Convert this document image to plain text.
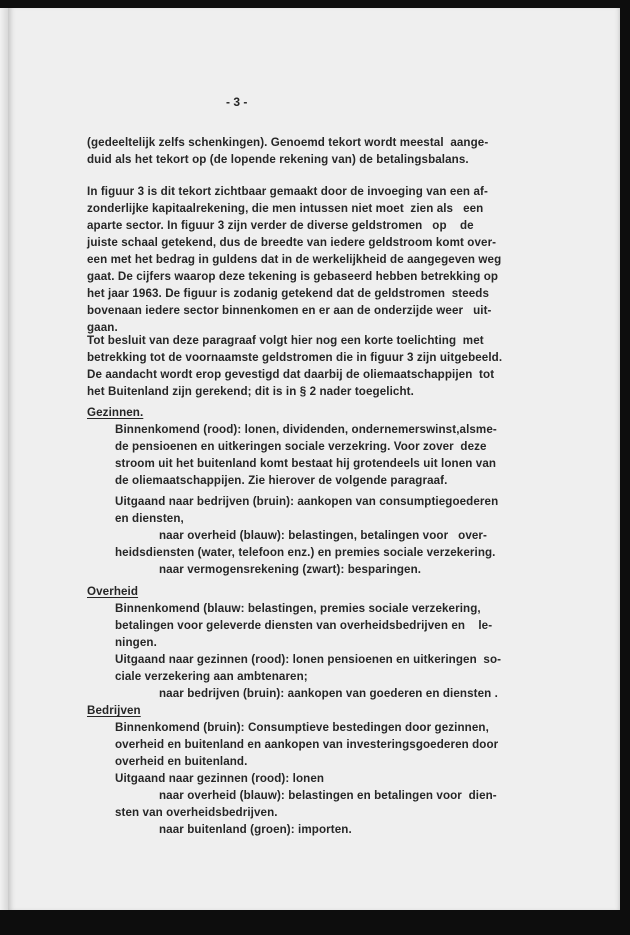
- 3 -
(gedeeltelijk zelfs schenkingen). Genoemd tekort wordt meestal  aange-
duid als het tekort op (de lopende rekening van) de betalingsbalans.
In figuur 3 is dit tekort zichtbaar gemaakt door de invoeging van een af-
zonderlijke kapitaalrekening, die men intussen niet moet  zien als   een
aparte sector. In figuur 3 zijn verder de diverse geldstromen   op    de
juiste schaal getekend, dus de breedte van iedere geldstroom komt over-
een met het bedrag in guldens dat in de werkelijkheid de aangegeven weg
gaat. De cijfers waarop deze tekening is gebaseerd hebben betrekking op
het jaar 1963. De figuur is zodanig getekend dat de geldstromen  steeds
bovenaan iedere sector binnenkomen en er aan de onderzijde weer   uit-
gaan.
Tot besluit van deze paragraaf volgt hier nog een korte toelichting  met
betrekking tot de voornaamste geldstromen die in figuur 3 zijn uitgebeeld.
De aandacht wordt erop gevestigd dat daarbij de oliemaatschappijen  tot
het Buitenland zijn gerekend; dit is in § 2 nader toegelicht.
Gezinnen.
Binnenkomend (rood): lonen, dividenden, ondernemerswinst,alsme-
de pensioenen en uitkeringen sociale verzekring. Voor zover  deze
stroom uit het buitenland komt bestaat hij grotendeels uit lonen van
de oliemaatschappijen. Zie hierover de volgende paragraaf.
Uitgaand naar bedrijven (bruin): aankopen van consumptiegoederen
en diensten,
naar overheid (blauw): belastingen, betalingen voor   over-
heidsdiensten (water, telefoon enz.) en premies sociale verzekering.
naar vermogensrekening (zwart): besparingen.
Overheid
Binnenkomend (blauw: belastingen, premies sociale verzekering,
betalingen voor geleverde diensten van overheidsbedrijven en    le-
ningen.
Uitgaand naar gezinnen (rood): lonen pensioenen en uitkeringen  so-
ciale verzekering aan ambtenaren;
naar bedrijven (bruin): aankopen van goederen en diensten .
Bedrijven
Binnenkomend (bruin): Consumptieve bestedingen door gezinnen,
overheid en buitenland en aankopen van investeringsgoederen door
overheid en buitenland.
Uitgaand naar gezinnen (rood): lonen
naar overheid (blauw): belastingen en betalingen voor  dien-
sten van overheidsbedrijven.
naar buitenland (groen): importen.
